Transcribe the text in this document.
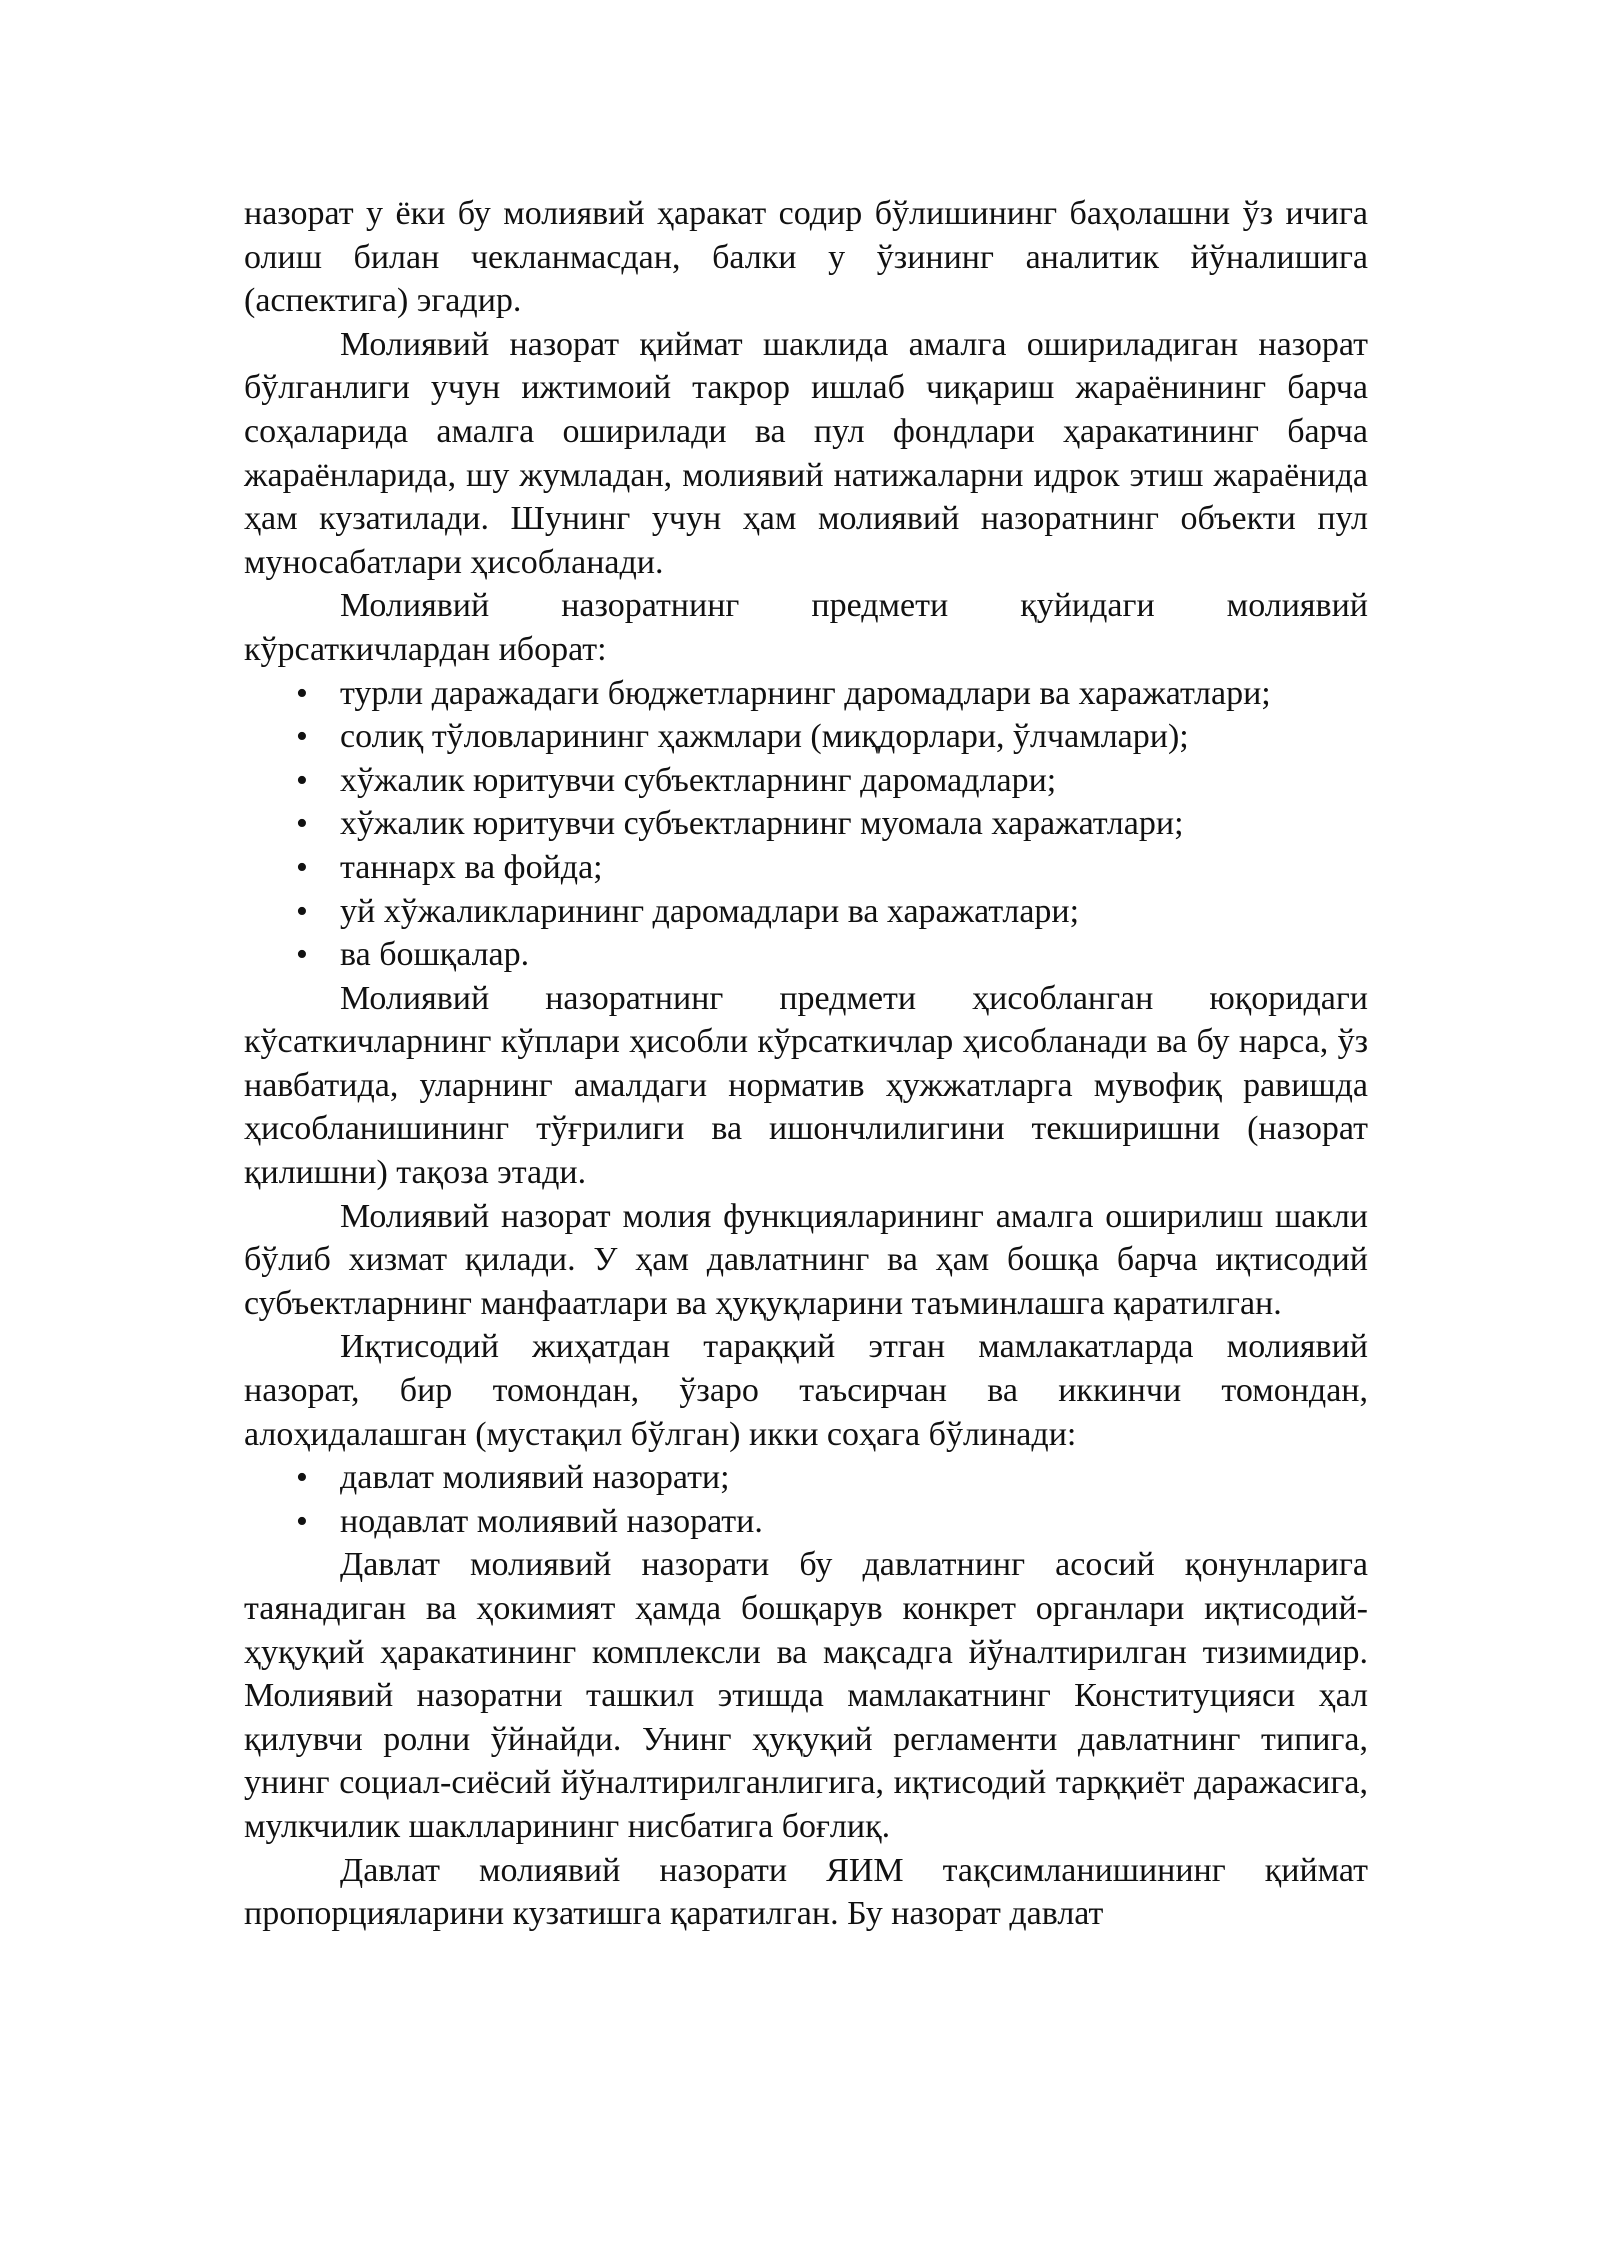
назорат у ёки бу молиявий ҳаракат содир бўлишининг баҳолашни ўз ичига олиш билан чекланмасдан, балки у ўзининг аналитик йўналишига (аспектига) эгадир.

Молиявий назорат қиймат шаклида амалга ошириладиган назорат бўлганлиги учун ижтимоий такрор ишлаб чиқариш жараёнининг барча соҳаларида амалга оширилади ва пул фондлари ҳаракатининг барча жараёнларида, шу жумладан, молиявий натижаларни идрок этиш жараёнида ҳам кузатилади. Шунинг учун ҳам молиявий назоратнинг объекти пул муносабатлари ҳисобланади.

Молиявий назоратнинг предмети қуйидаги молиявий кўрсаткичлардан иборат:

• турли даражадаги бюджетларнинг даромадлари ва харажатлари;
• солиқ тўловларининг ҳажмлари (миқдорлари, ўлчамлари);
• хўжалик юритувчи субъектларнинг даромадлари;
• хўжалик юритувчи субъектларнинг муомала харажатлари;
• таннарх ва фойда;
• уй хўжаликларининг даромадлари ва харажатлари;
• ва бошқалар.

Молиявий назоратнинг предмети ҳисобланган юқоридаги кўсаткичларнинг кўплари ҳисобли кўрсаткичлар ҳисобланади ва бу нарса, ўз навбатида, уларнинг амалдаги норматив ҳужжатларга мувофиқ равишда ҳисобланишининг тўғрилиги ва ишончлилигини текширишни (назорат қилишни) тақоза этади.

Молиявий назорат молия функцияларининг амалга оширилиш шакли бўлиб хизмат қилади. У ҳам давлатнинг ва ҳам бошқа барча иқтисодий субъектларнинг манфаатлари ва ҳуқуқларини таъминлашга қаратилган.

Иқтисодий жиҳатдан тараққий этган мамлакатларда молиявий назорат, бир томондан, ўзаро таъсирчан ва иккинчи томондан, алоҳидалашган (мустақил бўлган) икки соҳага бўлинади:

• давлат молиявий назорати;
• нодавлат молиявий назорати.

Давлат молиявий назорати бу давлатнинг асосий қонунларига таянадиган ва ҳокимият ҳамда бошқарув конкрет органлари иқтисодий-ҳуқуқий ҳаракатининг комплексли ва мақсадга йўналтирилган тизимидир. Молиявий назоратни ташкил этишда мамлакатнинг Конституцияси ҳал қилувчи ролни ўйнайди. Унинг ҳуқуқий регламенти давлатнинг типига, унинг социал-сиёсий йўналтирилганлигига, иқтисодий тарққиёт даражасига, мулкчилик шаклларининг нисбатига боғлиқ.

Давлат молиявий назорати ЯИМ тақсимланишининг қиймат пропорцияларини кузатишга қаратилган. Бу назорат давлат
